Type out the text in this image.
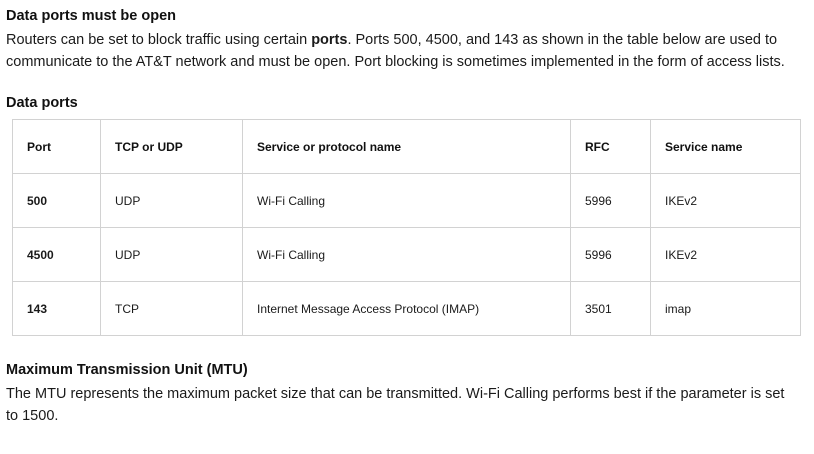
Data ports must be open

Routers can be set to block traffic using certain ports. Ports 500, 4500, and 143 as shown in the table below are used to communicate to the AT&T network and must be open. Port blocking is sometimes implemented in the form of access lists.

Data ports
Port	TCP or UDP	Service or protocol name	RFC	Service name
500	UDP	Wi-Fi Calling	5996	IKEv2
4500	UDP	Wi-Fi Calling	5996	IKEv2
143	TCP	Internet Message Access Protocol (IMAP)	3501	imap
Maximum Transmission Unit (MTU)

The MTU represents the maximum packet size that can be transmitted. Wi-Fi Calling performs best if the parameter is set to 1500.
